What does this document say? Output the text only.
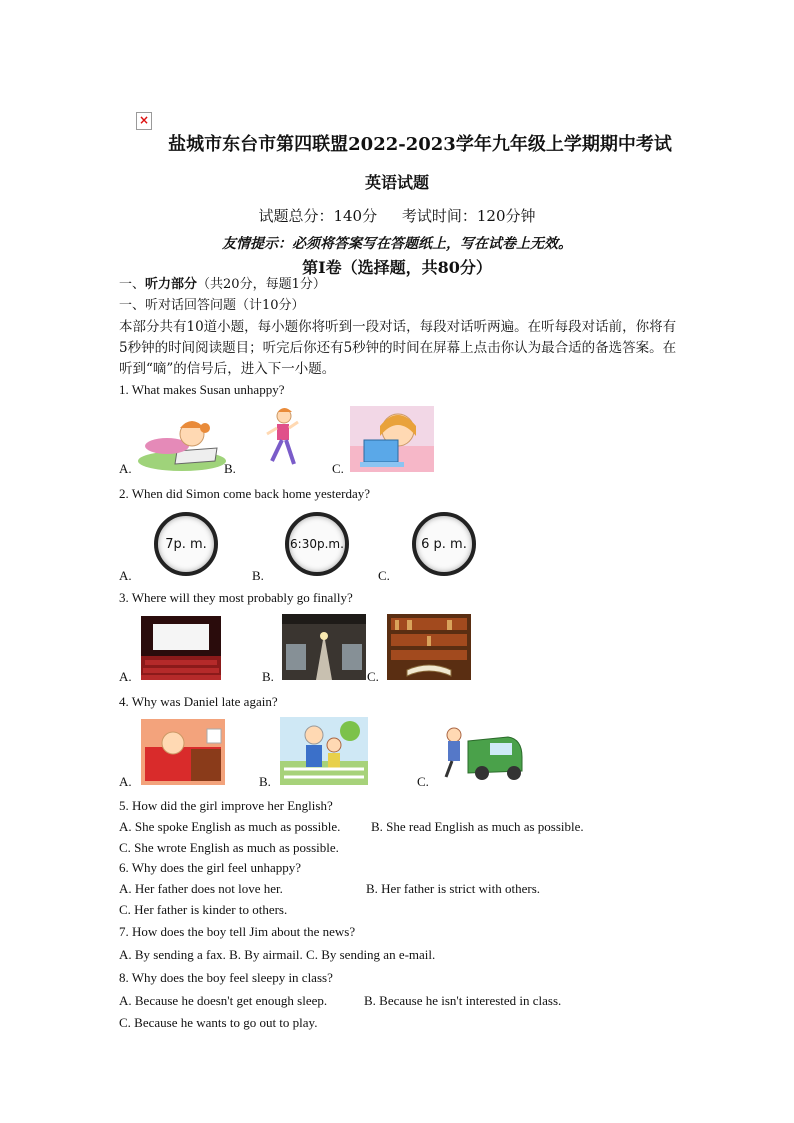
×
盐城市东台市第四联盟2022-2023学年九年级上学期期中考试
英语试题
试题总分：140分 考试时间：120分钟
友情提示：必须将答案写在答题纸上，写在试卷上无效。
第I卷（选择题，共80分）
一、听力部分（共20分，每题1分）
一、听对话回答问题（计10分）
本部分共有10道小题，每小题你将听到一段对话，每段对话听两遍。在听每段对话前，你将有5秒钟的时间阅读题目；听完后你还有5秒钟的时间在屏幕上点击你认为最合适的备选答案。在听到“嘀”的信号后，进入下一小题。
1. What makes Susan unhappy?
A.	B.	C.
2. When did Simon come back home yesterday?
A.	B.	C.
7p. m.	6:30p.m.	6 p. m.
3. Where will they most probably go finally?
A.	B.	C.
4. Why was Daniel late again?
A.	B.	C.
5. How did the girl improve her English?
A. She spoke English as much as possible. B. She read English as much as possible.
C. She wrote English as much as possible.
6. Why does the girl feel unhappy?
A. Her father does not love her.	B. Her father is strict with others.
C. Her father is kinder to others.
7. How does the boy tell Jim about the news?
A. By sending a fax. B. By airmail. C. By sending an e-mail.
8. Why does the boy feel sleepy in class?
A. Because he doesn't get enough sleep.	B. Because he isn't interested in class.
C. Because he wants to go out to play.
